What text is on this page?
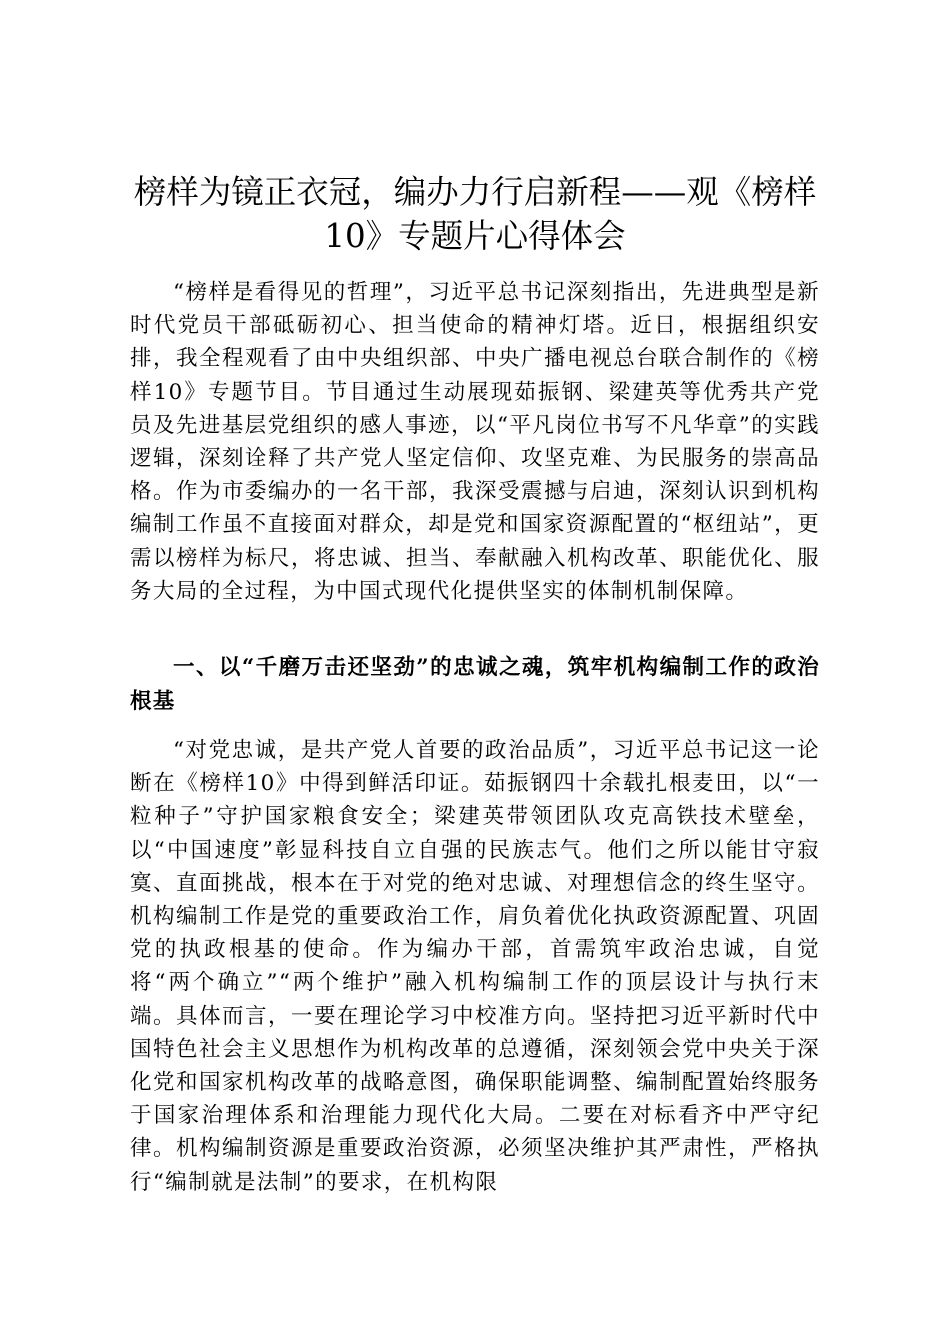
榜样为镜正衣冠，编办力行启新程——观《榜样10》专题片心得体会

“榜样是看得见的哲理”，习近平总书记深刻指出，先进典型是新时代党员干部砥砺初心、担当使命的精神灯塔。近日，根据组织安排，我全程观看了由中央组织部、中央广播电视总台联合制作的《榜样10》专题节目。节目通过生动展现茹振钢、梁建英等优秀共产党员及先进基层党组织的感人事迹，以“平凡岗位书写不凡华章”的实践逻辑，深刻诠释了共产党人坚定信仰、攻坚克难、为民服务的崇高品格。作为市委编办的一名干部，我深受震撼与启迪，深刻认识到机构编制工作虽不直接面对群众，却是党和国家资源配置的“枢纽站”，更需以榜样为标尺，将忠诚、担当、奉献融入机构改革、职能优化、服务大局的全过程，为中国式现代化提供坚实的体制机制保障。

一、以“千磨万击还坚劲”的忠诚之魂，筑牢机构编制工作的政治根基

“对党忠诚，是共产党人首要的政治品质”，习近平总书记这一论断在《榜样10》中得到鲜活印证。茹振钢四十余载扎根麦田，以“一粒种子”守护国家粮食安全；梁建英带领团队攻克高铁技术壁垒，以“中国速度”彰显科技自立自强的民族志气。他们之所以能甘守寂寞、直面挑战，根本在于对党的绝对忠诚、对理想信念的终生坚守。机构编制工作是党的重要政治工作，肩负着优化执政资源配置、巩固党的执政根基的使命。作为编办干部，首需筑牢政治忠诚，自觉将“两个确立”“两个维护”融入机构编制工作的顶层设计与执行末端。具体而言，一要在理论学习中校准方向。坚持把习近平新时代中国特色社会主义思想作为机构改革的总遵循，深刻领会党中央关于深化党和国家机构改革的战略意图，确保职能调整、编制配置始终服务于国家治理体系和治理能力现代化大局。二要在对标看齐中严守纪律。机构编制资源是重要政治资源，必须坚决维护其严肃性，严格执行“编制就是法制”的要求，在机构限
